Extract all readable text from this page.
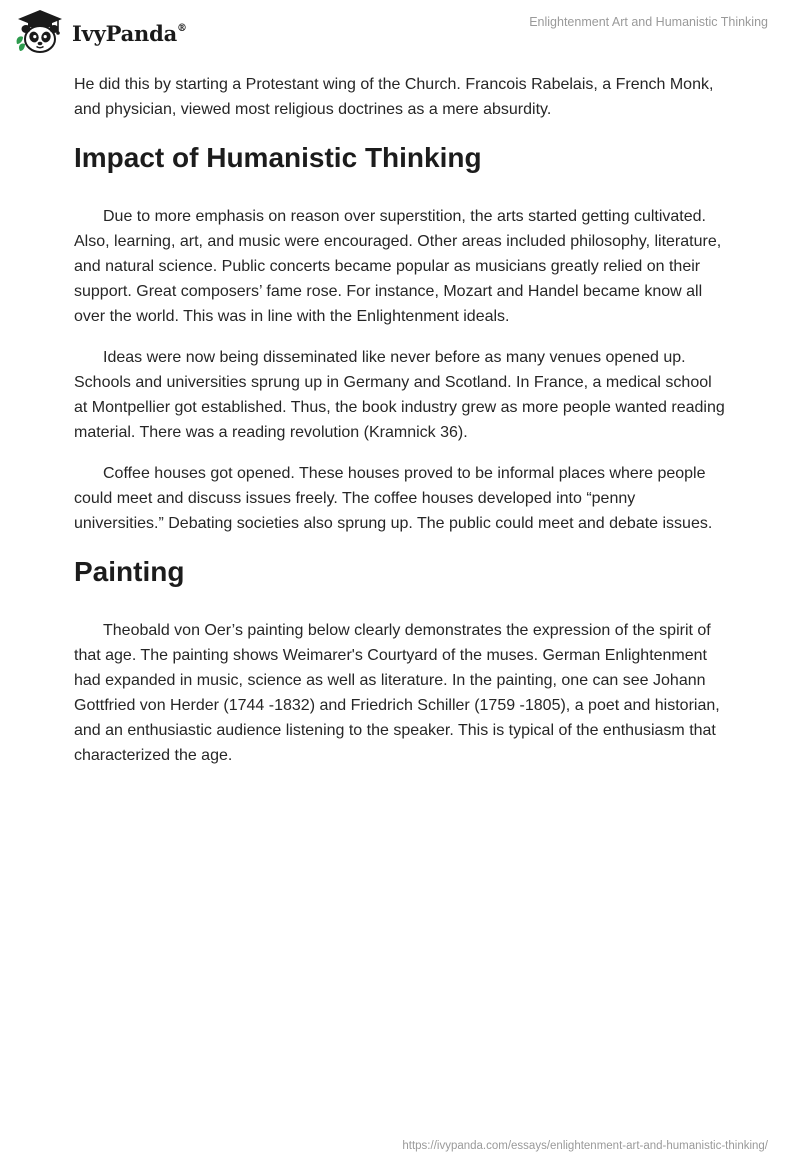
IvyPanda®	Enlightenment Art and Humanistic Thinking

He did this by starting a Protestant wing of the Church. Francois Rabelais, a French Monk, and physician, viewed most religious doctrines as a mere absurdity.

Impact of Humanistic Thinking

Due to more emphasis on reason over superstition, the arts started getting cultivated. Also, learning, art, and music were encouraged. Other areas included philosophy, literature, and natural science. Public concerts became popular as musicians greatly relied on their support. Great composers’ fame rose. For instance, Mozart and Handel became know all over the world. This was in line with the Enlightenment ideals.

Ideas were now being disseminated like never before as many venues opened up. Schools and universities sprung up in Germany and Scotland. In France, a medical school at Montpellier got established. Thus, the book industry grew as more people wanted reading material. There was a reading revolution (Kramnick 36).

Coffee houses got opened. These houses proved to be informal places where people could meet and discuss issues freely. The coffee houses developed into “penny universities.” Debating societies also sprung up. The public could meet and debate issues.

Painting

Theobald von Oer’s painting below clearly demonstrates the expression of the spirit of that age. The painting shows Weimarer's Courtyard of the muses. German Enlightenment had expanded in music, science as well as literature. In the painting, one can see Johann Gottfried von Herder (1744 -1832) and Friedrich Schiller (1759 -1805), a poet and historian, and an enthusiastic audience listening to the speaker. This is typical of the enthusiasm that characterized the age.

https://ivypanda.com/essays/enlightenment-art-and-humanistic-thinking/
